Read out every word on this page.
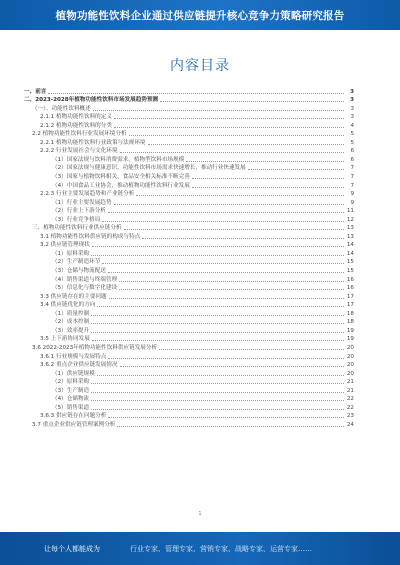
植物功能性饮料企业通过供应链提升核心竞争力策略研究报告
内容目录
一、前言	3
二、2023-2028年植物功能性饮料市场发展趋势预测	3
（一）、功能性饮料概述	3
2.1.1 植物功能性饮料的定义	3
2.1.2 植物功能性饮料的分类	4
2.2 植物功能性饮料行业发展环境分析	5
2.2.1 植物功能性饮料行业政策与法规环境	5
2.2.2 行业发展社会与文化环境	6
（1）国家法规与饮料消费需求，植物型饮料市场规模	6
（2）国家法规与健康意识，功能性饮料市场需求快速增长，推动行业快速发展	7
（3）国家与植物饮料相关，食品安全相关标准不断完善	7
（4）中国食品工业协会，推动植物功能性饮料行业发展	7
2.2.3 行业主要发展趋势和产业链分析	9
（1）行业主要发展趋势	9
（2）行业上下游分析	11
（3）行业竞争格局	12
三、植物功能性饮料行业供应链分析	13
3.1 植物功能性饮料供应链的构成与特点	13
3.2 供应链管理现状	14
（1）原料采购	14
（2）生产制造环节	15
（3）仓储与物流配送	15
（4）销售渠道与终端管理	16
（5）信息化与数字化建设	16
3.3 供应链存在的主要问题	17
3.4 供应链优化的方向	17
（1）质量控制	18
（2）成本控制	18
（3）效率提升	19
3.5 上下游协同发展	19
3.6 2022-2023年植物功能性饮料供应链发展分析	20
3.6.1 行业规模与发展特点	20
3.6.2 重点企业供应链发展情况	20
（1）供应链规模	20
（2）原料采购	21
（3）生产制造	21
（4）仓储物流	22
（5）销售渠道	22
3.6.3 供应链存在问题分析	23
3.7 重点企业供应链管理案例分析	24
1
让每个人都能成为	行业专家、管理专家、营销专家、战略专家、运营专家……
